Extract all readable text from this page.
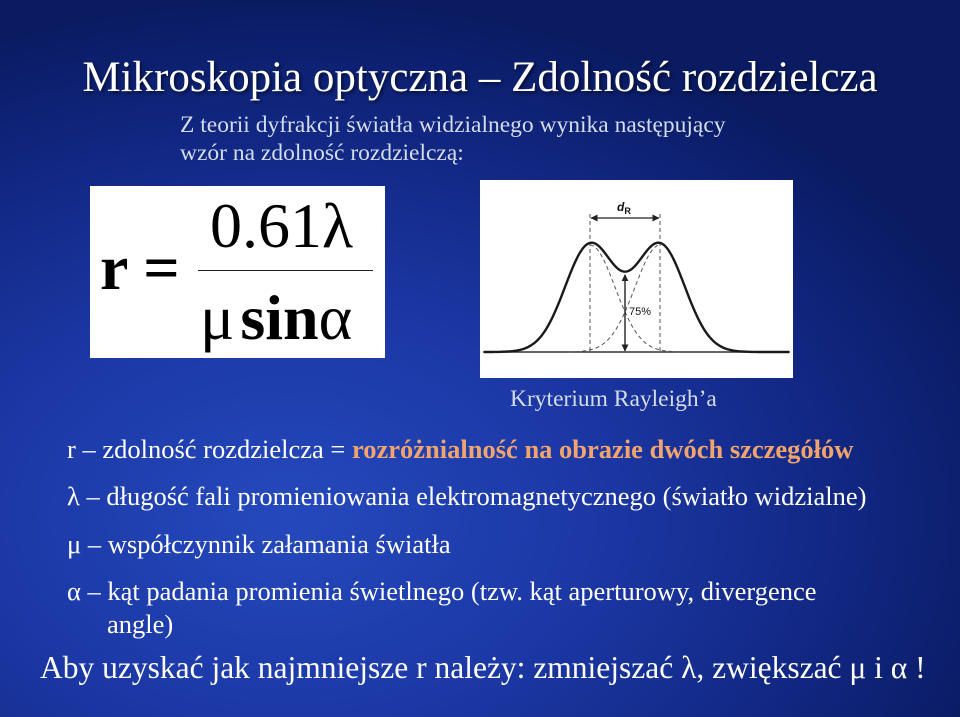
Mikroskopia optyczna – Zdolność rozdzielcza
Z teorii dyfrakcji światła widzialnego wynika następujący
wzór na zdolność rozdzielczą:
r =
0.61λ
μsinα
$d_R$
75%
Kryterium Rayleigh’a
r – zdolność rozdzielcza = rozróżnialność na obrazie dwóch szczegółów
λ – długość fali promieniowania elektromagnetycznego (światło widzialne)
μ – współczynnik załamania światła
α – kąt padania promienia świetlnego (tzw. kąt aperturowy, divergence
angle)
Aby uzyskać jak najmniejsze r należy: zmniejszać λ, zwiększać μ i α !
